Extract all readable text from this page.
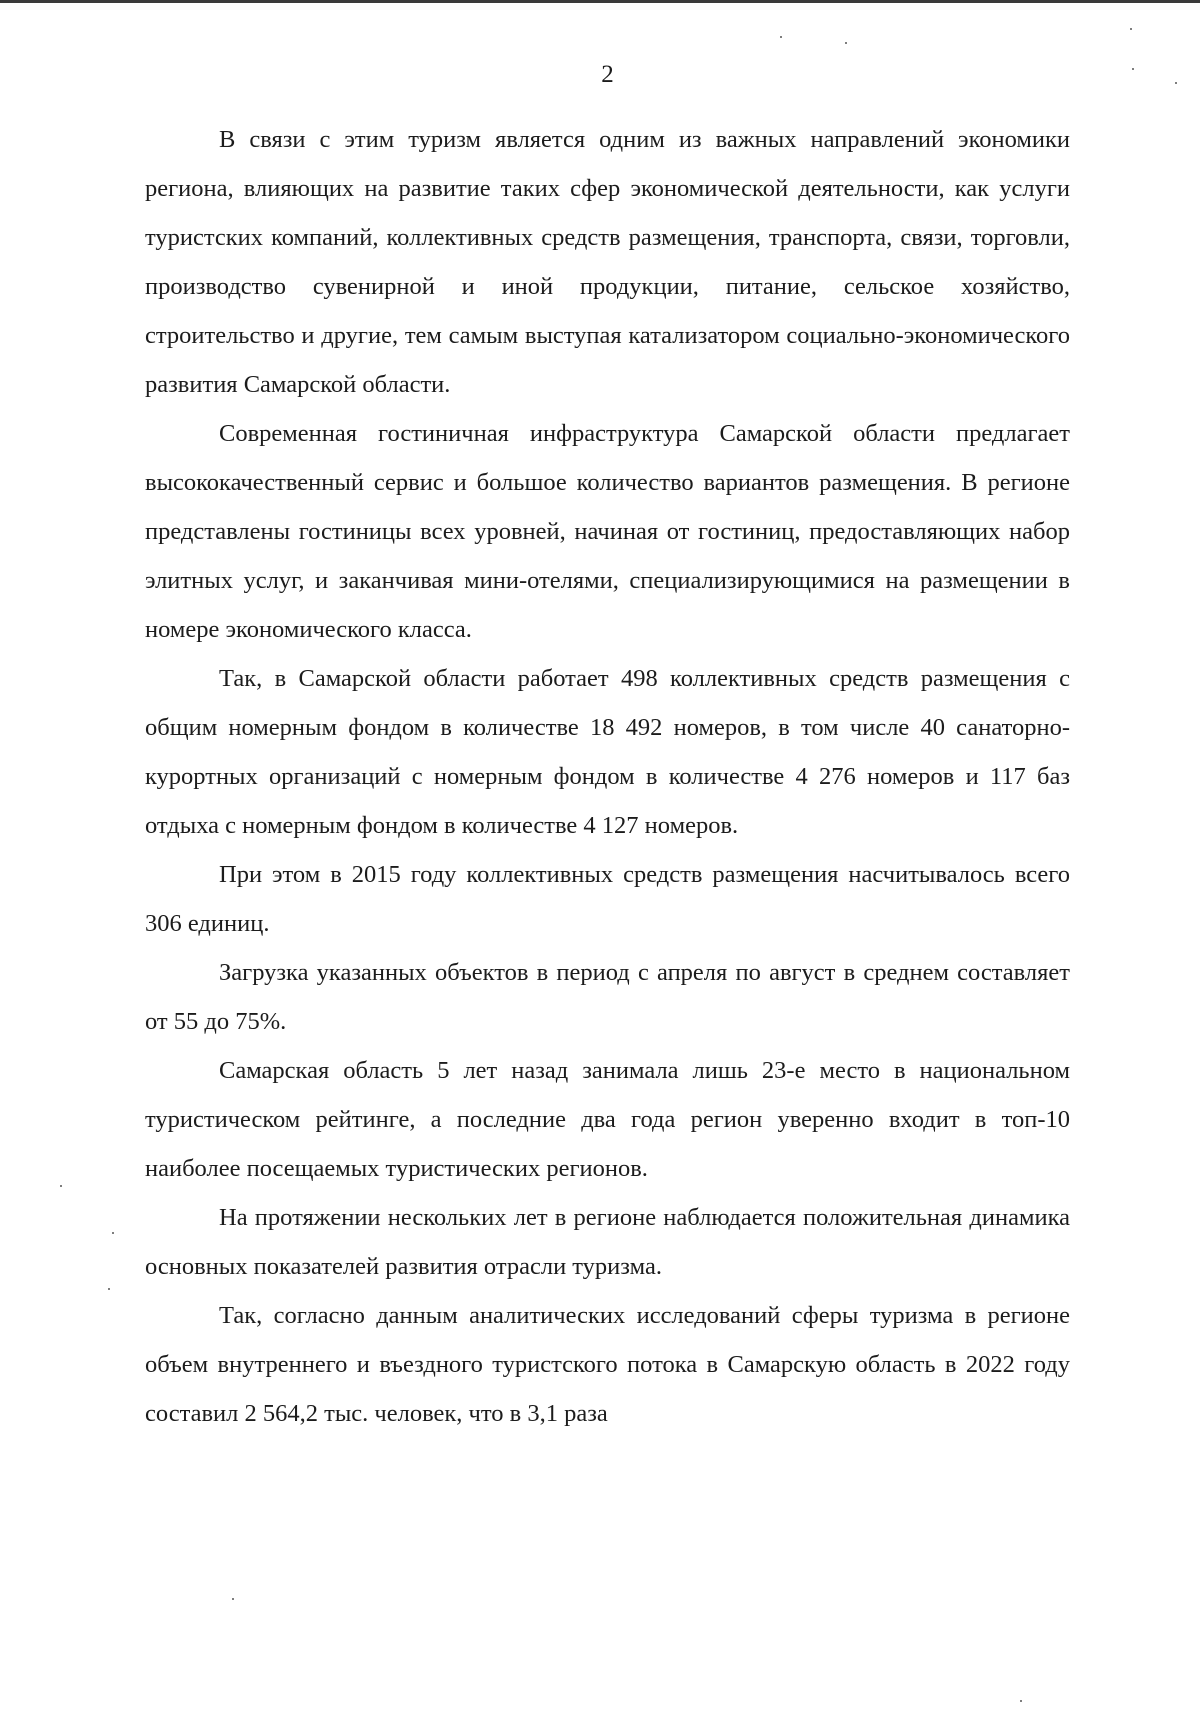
2

В связи с этим туризм является одним из важных направлений экономики региона, влияющих на развитие таких сфер экономической деятельности, как услуги туристских компаний, коллективных средств размещения, транспорта, связи, торговли, производство сувенирной и иной продукции, питание, сельское хозяйство, строительство и другие, тем самым выступая катализатором социально-экономического развития Самарской области.

Современная гостиничная инфраструктура Самарской области предлагает высококачественный сервис и большое количество вариантов размещения. В регионе представлены гостиницы всех уровней, начиная от гостиниц, предоставляющих набор элитных услуг, и заканчивая мини-отелями, специализирующимися на размещении в номере экономического класса.

Так, в Самарской области работает 498 коллективных средств размещения с общим номерным фондом в количестве 18 492 номеров, в том числе 40 санаторно-курортных организаций с номерным фондом в количестве 4 276 номеров и 117 баз отдыха с номерным фондом в количестве 4 127 номеров.

При этом в 2015 году коллективных средств размещения насчитывалось всего 306 единиц.

Загрузка указанных объектов в период с апреля по август в среднем составляет от 55 до 75%.

Самарская область 5 лет назад занимала лишь 23-е место в национальном туристическом рейтинге, а последние два года регион уверенно входит в топ-10 наиболее посещаемых туристических регионов.

На протяжении нескольких лет в регионе наблюдается положительная динамика основных показателей развития отрасли туризма.

Так, согласно данным аналитических исследований сферы туризма в регионе объем внутреннего и въездного туристского потока в Самарскую область в 2022 году составил 2 564,2 тыс. человек, что в 3,1 раза
